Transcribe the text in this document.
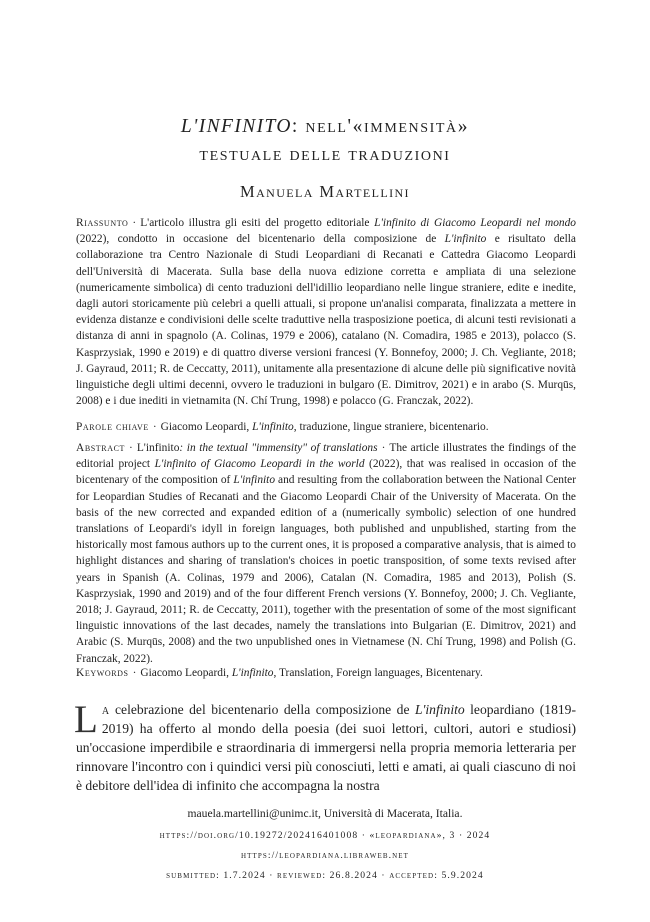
L'INFINITO: nell'«immensità»
testuale delle traduzioni
Manuela Martellini

Riassunto · L'articolo illustra gli esiti del progetto editoriale L'infinito di Giacomo Leopardi nel mondo (2022), condotto in occasione del bicentenario della composizione de L'infinito e risultato della collaborazione tra Centro Nazionale di Studi Leopardiani di Recanati e Cattedra Giacomo Leopardi dell'Università di Macerata. Sulla base della nuova edizione corretta e ampliata di una selezione (numericamente simbolica) di cento traduzioni dell'idillio leopardiano nelle lingue straniere, edite e inedite, dagli autori storicamente più celebri a quelli attuali, si propone un'analisi comparata, finalizzata a mettere in evidenza distanze e condivisioni delle scelte traduttive nella trasposizione poetica, di alcuni testi revisionati a distanza di anni in spagnolo (A. Colinas, 1979 e 2006), catalano (N. Comadira, 1985 e 2013), polacco (S. Kasprzysiak, 1990 e 2019) e di quattro diverse versioni francesi (Y. Bonnefoy, 2000; J. Ch. Vegliante, 2018; J. Gayraud, 2011; R. de Ceccatty, 2011), unitamente alla presentazione di alcune delle più significative novità linguistiche degli ultimi decenni, ovvero le traduzioni in bulgaro (E. Dimitrov, 2021) e in arabo (S. Murqūs, 2008) e i due inediti in vietnamita (N. Chí Trung, 1998) e polacco (G. Franczak, 2022).

Parole chiave · Giacomo Leopardi, L'infinito, traduzione, lingue straniere, bicentenario.

Abstract · L'infinito: in the textual "immensity" of translations · The article illustrates the findings of the editorial project L'infinito of Giacomo Leopardi in the world (2022), that was realised in occasion of the bicentenary of the composition of L'infinito and resulting from the collaboration between the National Center for Leopardian Studies of Recanati and the Giacomo Leopardi Chair of the University of Macerata. On the basis of the new corrected and expanded edition of a (numerically symbolic) selection of one hundred translations of Leopardi's idyll in foreign languages, both published and unpublished, starting from the historically most famous authors up to the current ones, it is proposed a comparative analysis, that is aimed to highlight distances and sharing of translation's choices in poetic transposition, of some texts revised after years in Spanish (A. Colinas, 1979 and 2006), Catalan (N. Comadira, 1985 and 2013), Polish (S. Kasprzysiak, 1990 and 2019) and of the four different French versions (Y. Bonnefoy, 2000; J. Ch. Vegliante, 2018; J. Gayraud, 2011; R. de Ceccatty, 2011), together with the presentation of some of the most significant linguistic innovations of the last decades, namely the translations into Bulgarian (E. Dimitrov, 2021) and Arabic (S. Murqūs, 2008) and the two unpublished ones in Vietnamese (N. Chí Trung, 1998) and Polish (G. Franczak, 2022).

Keywords · Giacomo Leopardi, L'infinito, Translation, Foreign languages, Bicentenary.

La celebrazione del bicentenario della composizione de L'infinito leopardiano (1819-2019) ha offerto al mondo della poesia (dei suoi lettori, cultori, autori e studiosi) un'occasione imperdibile e straordinaria di immergersi nella propria memoria letteraria per rinnovare l'incontro con i quindici versi più conosciuti, letti e amati, ai quali ciascuno di noi è debitore dell'idea di infinito che accompagna la nostra
mauela.martellini@unimc.it, Università di Macerata, Italia.
https://doi.org/10.19272/202416401008 · «leopardiana», 3 · 2024
https://leopardiana.libraweb.net
submitted: 1.7.2024 · reviewed: 26.8.2024 · accepted: 5.9.2024
